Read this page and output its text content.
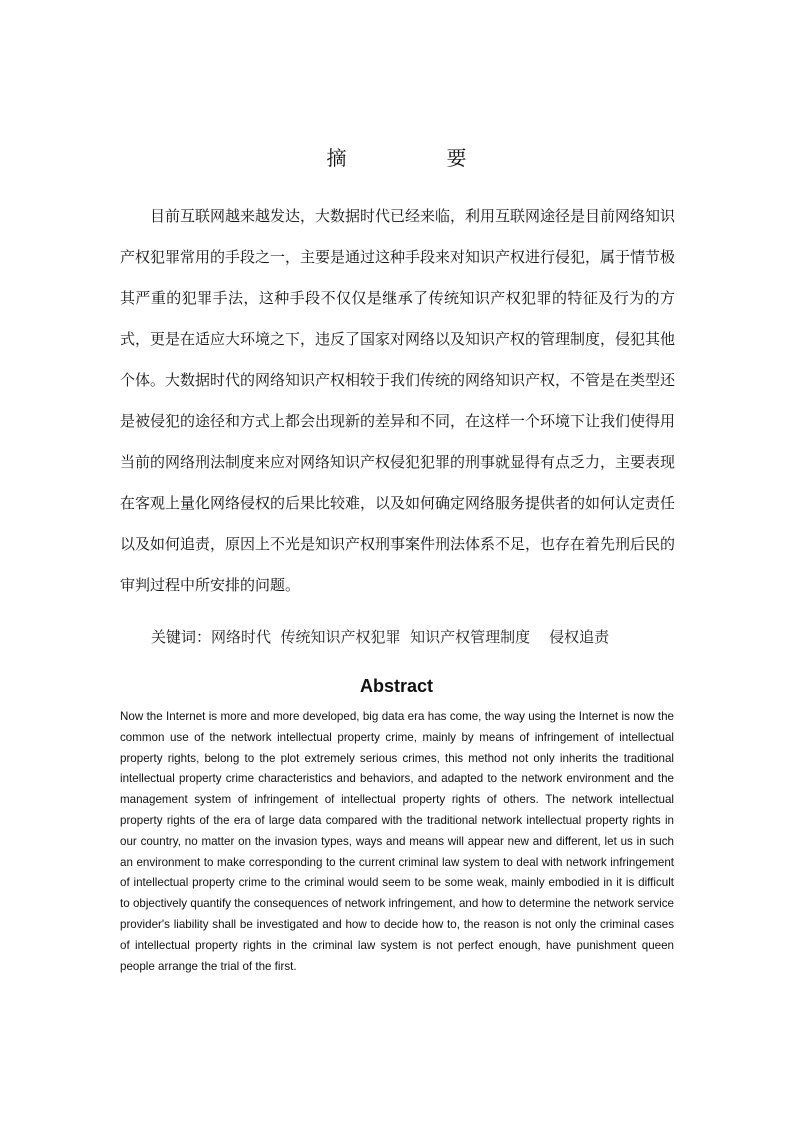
摘　要

目前互联网越来越发达，大数据时代已经来临，利用互联网途径是目前网络知识产权犯罪常用的手段之一，主要是通过这种手段来对知识产权进行侵犯，属于情节极其严重的犯罪手法，这种手段不仅仅是继承了传统知识产权犯罪的特征及行为的方式，更是在适应大环境之下，违反了国家对网络以及知识产权的管理制度，侵犯其他个体。大数据时代的网络知识产权相较于我们传统的网络知识产权，不管是在类型还是被侵犯的途径和方式上都会出现新的差异和不同，在这样一个环境下让我们使得用当前的网络刑法制度来应对网络知识产权侵犯犯罪的刑事就显得有点乏力，主要表现在客观上量化网络侵权的后果比较难，以及如何确定网络服务提供者的如何认定责任以及如何追责，原因上不光是知识产权刑事案件刑法体系不足，也存在着先刑后民的审判过程中所安排的问题。

关键词：网络时代  传统知识产权犯罪  知识产权管理制度    侵权追责
Abstract

Now the Internet is more and more developed, big data era has come, the way using the Internet is now the common use of the network intellectual property crime, mainly by means of infringement of intellectual property rights, belong to the plot extremely serious crimes, this method not only inherits the traditional intellectual property crime characteristics and behaviors, and adapted to the network environment and the management system of infringement of intellectual property rights of others. The network intellectual property rights of the era of large data compared with the traditional network intellectual property rights in our country, no matter on the invasion types, ways and means will appear new and different, let us in such an environment to make corresponding to the current criminal law system to deal with network infringement of intellectual property crime to the criminal would seem to be some weak, mainly embodied in it is difficult to objectively quantify the consequences of network infringement, and how to determine the network service provider's liability shall be investigated and how to decide how to, the reason is not only the criminal cases of intellectual property rights in the criminal law system is not perfect enough, have punishment queen people arrange the trial of the first.
